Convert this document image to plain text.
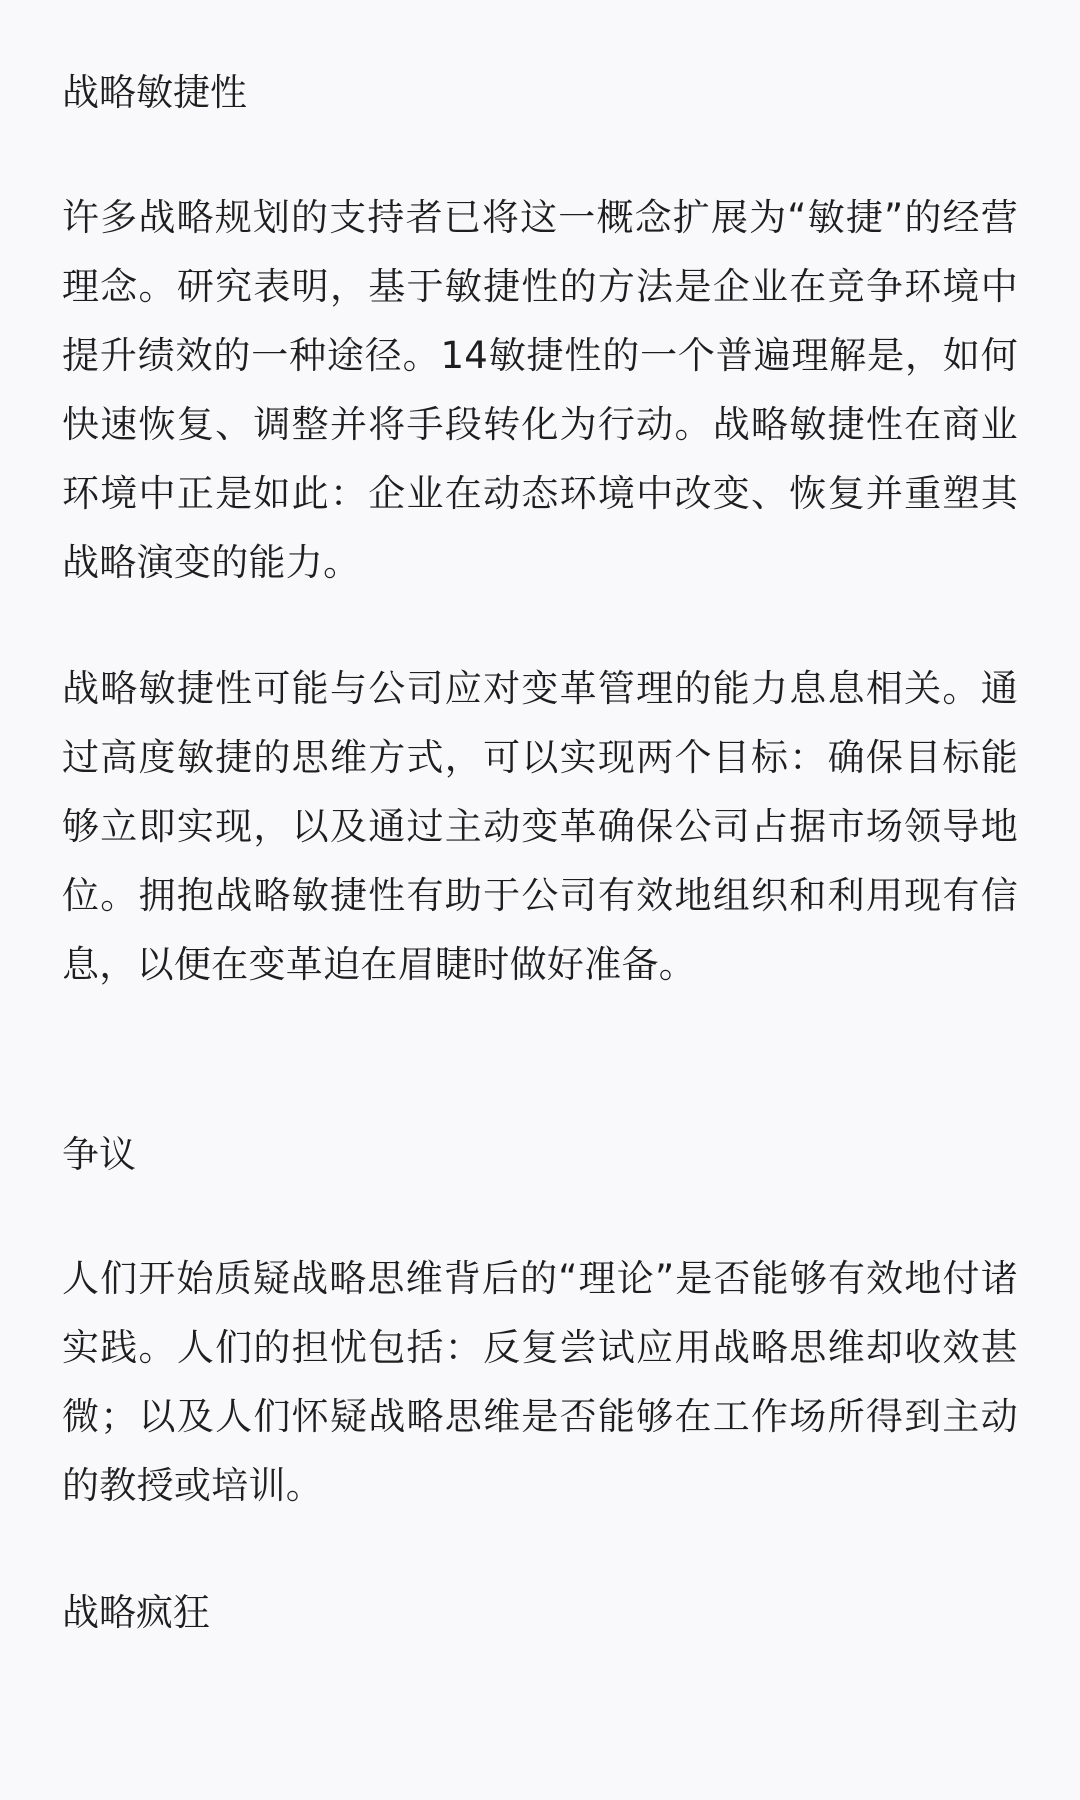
战略敏捷性

许多战略规划的支持者已将这一概念扩展为“敏捷”的经营理念。研究表明，基于敏捷性的方法是企业在竞争环境中提升绩效的一种途径。14敏捷性的一个普遍理解是，如何快速恢复、调整并将手段转化为行动。战略敏捷性在商业环境中正是如此：企业在动态环境中改变、恢复并重塑其战略演变的能力。

战略敏捷性可能与公司应对变革管理的能力息息相关。通过高度敏捷的思维方式，可以实现两个目标：确保目标能够立即实现，以及通过主动变革确保公司占据市场领导地位。拥抱战略敏捷性有助于公司有效地组织和利用现有信息，以便在变革迫在眉睫时做好准备。

争议

人们开始质疑战略思维背后的“理论”是否能够有效地付诸实践。人们的担忧包括：反复尝试应用战略思维却收效甚微；以及人们怀疑战略思维是否能够在工作场所得到主动的教授或培训。

战略疯狂
